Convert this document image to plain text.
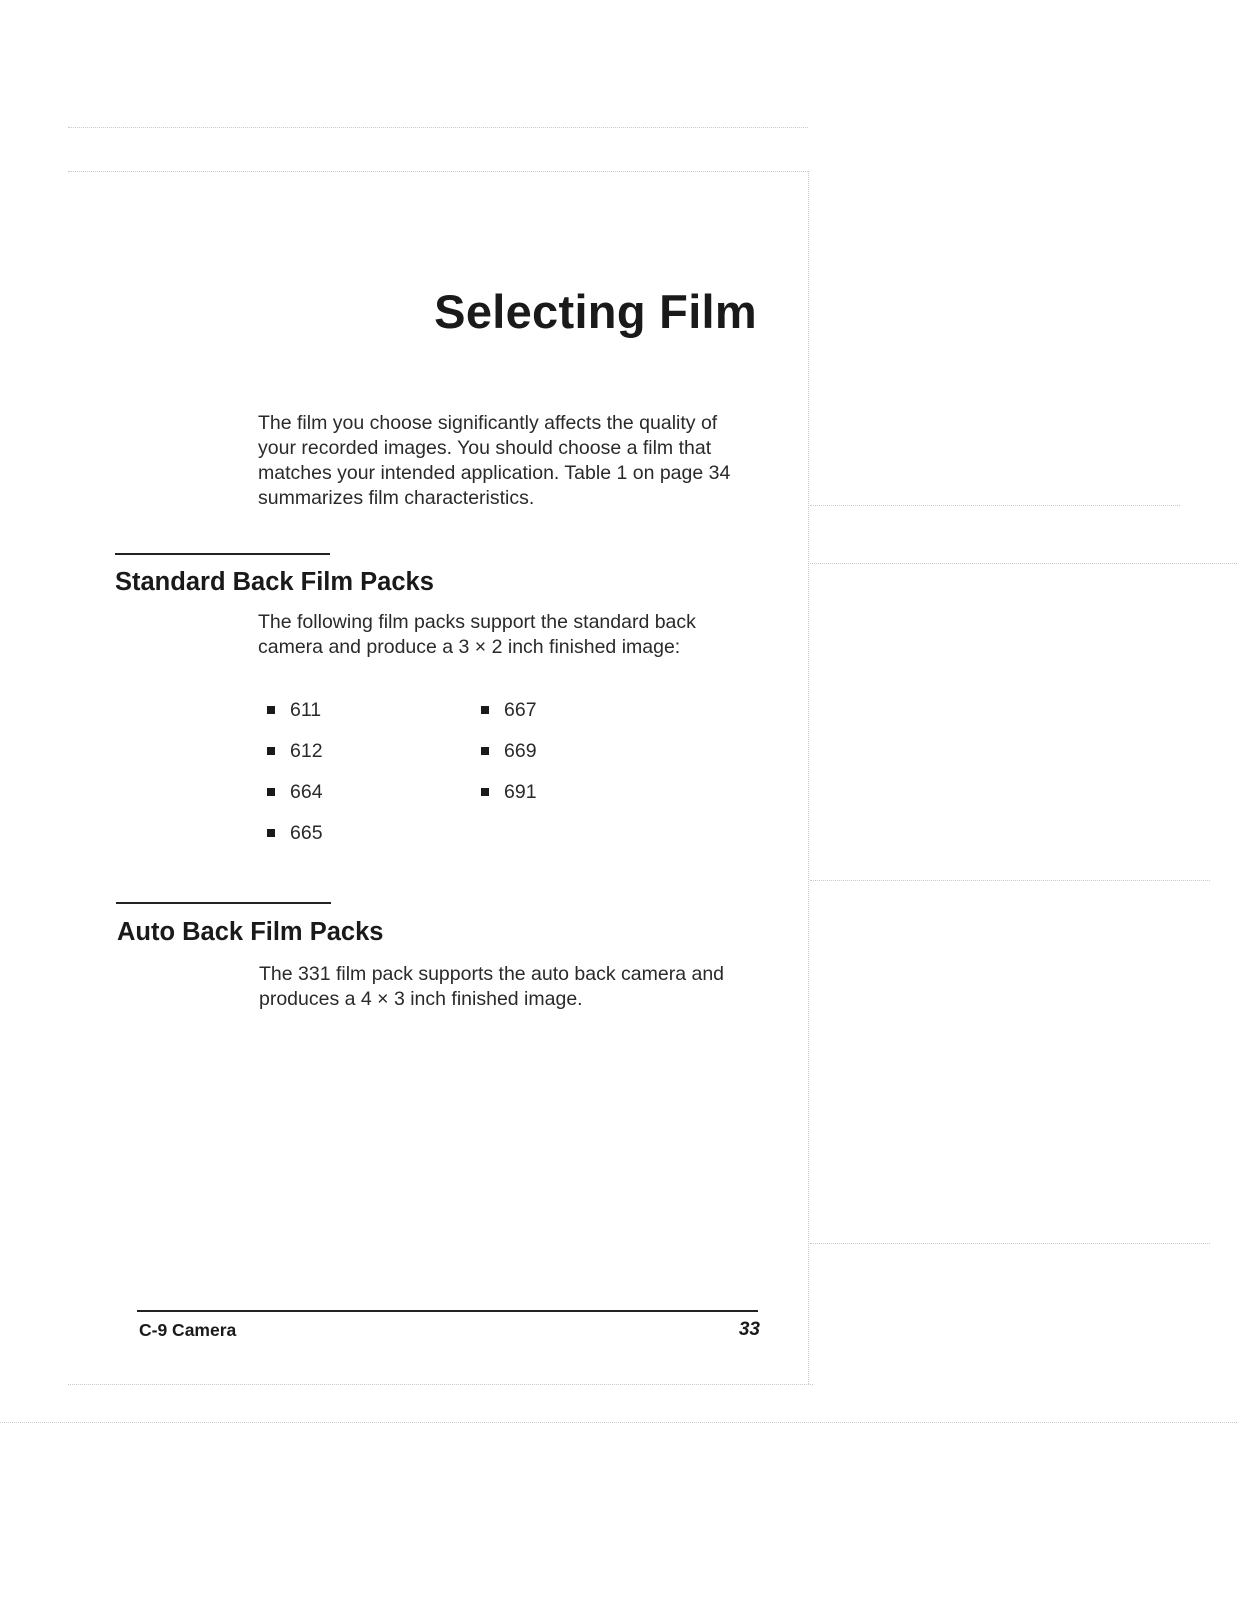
Selecting Film

The film you choose significantly affects the quality of your recorded images. You should choose a film that matches your intended application. Table 1 on page 34 summarizes film characteristics.

Standard Back Film Packs

The following film packs support the standard back camera and produce a 3 × 2 inch finished image:

611
612
664
665
667
669
691
Auto Back Film Packs

The 331 film pack supports the auto back camera and produces a 4 × 3 inch finished image.

C-9 Camera	33
